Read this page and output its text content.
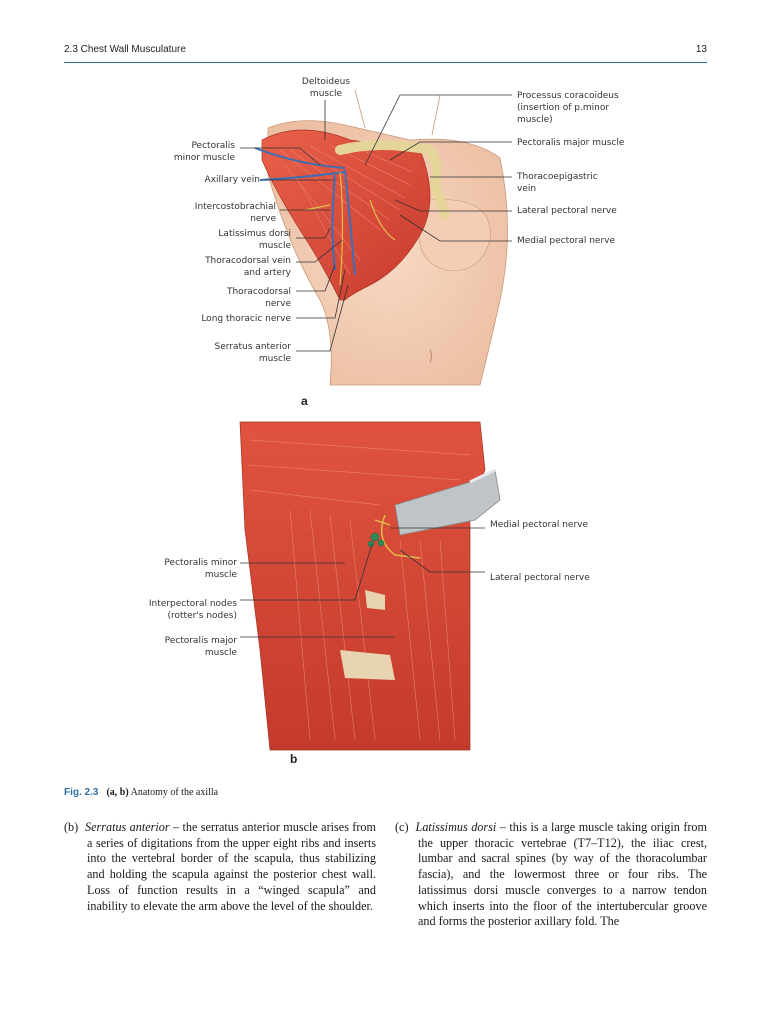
2.3 Chest Wall Musculature	13
Deltoideus muscle	Processus coracoideus (insertion of p.minor muscle)
Pectoralis major muscle
Thoracoepigastric vein
Lateral pectoral nerve
Medial pectoral nerve
Pectoralis minor muscle
Axillary vein
Intercostobrachial nerve
Latissimus dorsi muscle
Thoracodorsal vein and artery
Thoracodorsal nerve
Long thoracic nerve
Serratus anterior muscle
a
Medial pectoral nerve
Lateral pectoral nerve
Pectoralis minor muscle
Interpectoral nodes (rotter's nodes)
Pectoralis major muscle
b
Fig. 2.3 (a, b) Anatomy of the axilla
(b) Serratus anterior – the serratus anterior muscle arises from a series of digitations from the upper eight ribs and inserts into the vertebral border of the scapula, thus stabilizing and holding the scapula against the posterior chest wall. Loss of function results in a “winged scapula” and inability to elevate the arm above the level of the shoulder.
(c) Latissimus dorsi – this is a large muscle taking origin from the upper thoracic vertebrae (T7–T12), the iliac crest, lumbar and sacral spines (by way of the thoracolumbar fascia), and the lowermost three or four ribs. The latissimus dorsi muscle converges to a narrow tendon which inserts into the floor of the intertubercular groove and forms the posterior axillary fold. The
